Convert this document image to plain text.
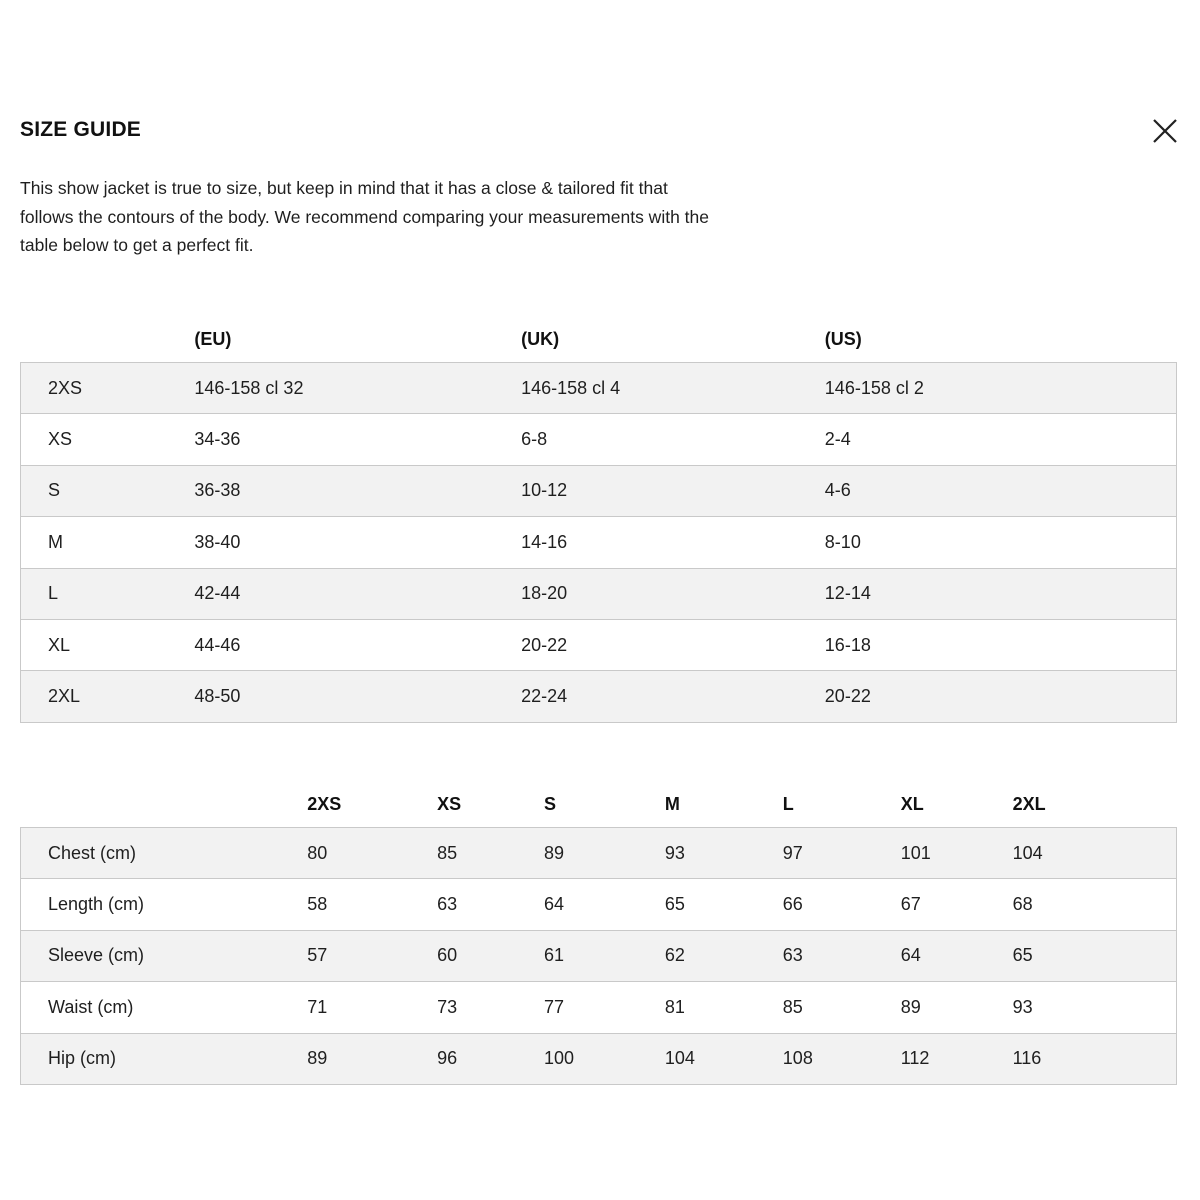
SIZE GUIDE

This show jacket is true to size, but keep in mind that it has a close & tailored fit that follows the contours of the body. We recommend comparing your measurements with the table below to get a perfect fit.

	(EU)	(UK)	(US)
2XS	146-158 cl 32	146-158 cl 4	146-158 cl 2
XS	34-36	6-8	2-4
S	36-38	10-12	4-6
M	38-40	14-16	8-10
L	42-44	18-20	12-14
XL	44-46	20-22	16-18
2XL	48-50	22-24	20-22
	2XS	XS	S	M	L	XL	2XL
Chest (cm)	80	85	89	93	97	101	104
Length (cm)	58	63	64	65	66	67	68
Sleeve (cm)	57	60	61	62	63	64	65
Waist (cm)	71	73	77	81	85	89	93
Hip (cm)	89	96	100	104	108	112	116
